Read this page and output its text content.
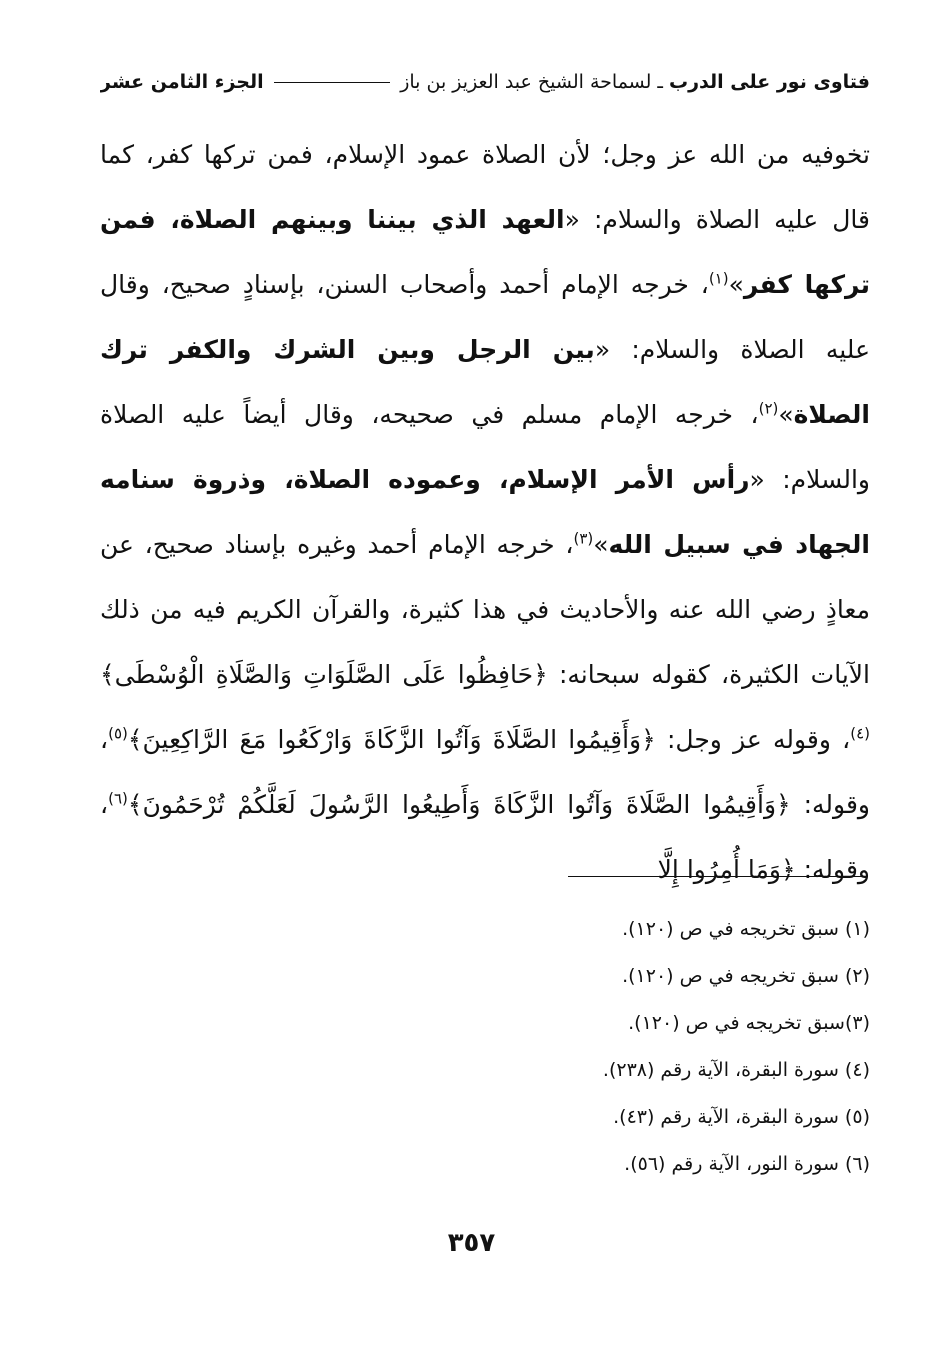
فتاوى نور على الدرب
ـ
لسماحة الشيخ عبد العزيز بن باز
الجزء الثامن عشر
تخوفيه من الله عز وجل؛ لأن الصلاة عمود الإسلام، فمن تركها كفر، كما قال عليه الصلاة والسلام: «العهد الذي بيننا وبينهم الصلاة، فمن تركها كفر»$^{(١)}$، خرجه الإمام أحمد وأصحاب السنن، بإسنادٍ صحيح، وقال عليه الصلاة والسلام: «بين الرجل وبين الشرك والكفر ترك الصلاة»$^{(٢)}$، خرجه الإمام مسلم في صحيحه، وقال أيضاً عليه الصلاة والسلام: «رأس الأمر الإسلام، وعموده الصلاة، وذروة سنامه الجهاد في سبيل الله»$^{(٣)}$، خرجه الإمام أحمد وغيره بإسناد صحيح، عن معاذٍ رضي الله عنه والأحاديث في هذا كثيرة، والقرآن الكريم فيه من ذلك الآيات الكثيرة، كقوله سبحانه: ﴿حَافِظُوا عَلَى الصَّلَوَاتِ وَالصَّلَاةِ الْوُسْطَى﴾$^{(٤)}$، وقوله عز وجل: ﴿وَأَقِيمُوا الصَّلَاةَ وَآتُوا الزَّكَاةَ وَارْكَعُوا مَعَ الرَّاكِعِينَ﴾$^{(٥)}$، وقوله: ﴿وَأَقِيمُوا الصَّلَاةَ وَآتُوا الزَّكَاةَ وَأَطِيعُوا الرَّسُولَ لَعَلَّكُمْ تُرْحَمُونَ﴾$^{(٦)}$، وقوله: ﴿وَمَا أُمِرُوا إِلَّا
(١) سبق تخريجه في ص (١٢٠).
(٢) سبق تخريجه في ص (١٢٠).
(٣)سبق تخريجه في ص (١٢٠).
(٤) سورة البقرة، الآية رقم (٢٣٨).
(٥) سورة البقرة، الآية رقم (٤٣).
(٦) سورة النور، الآية رقم (٥٦).
٣٥٧
